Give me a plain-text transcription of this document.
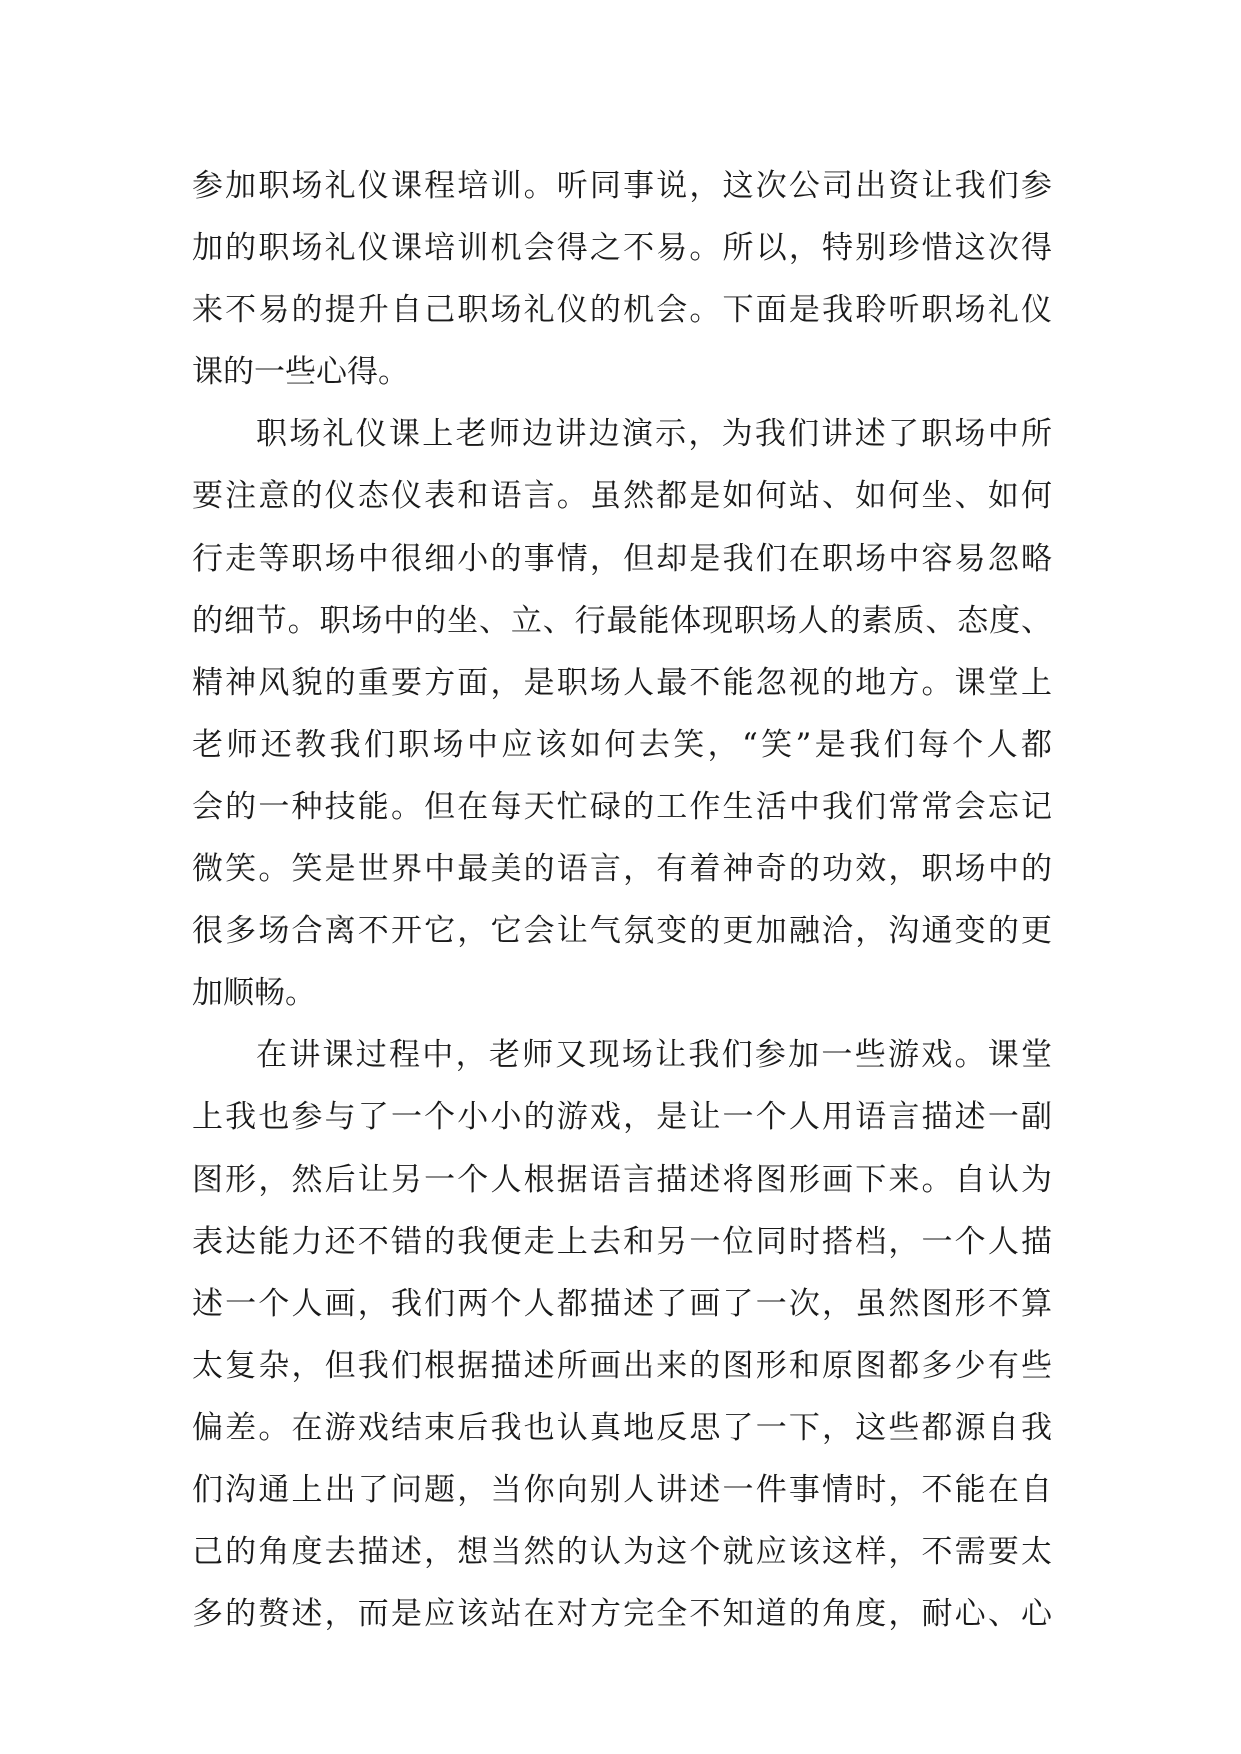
参加职场礼仪课程培训。听同事说，这次公司出资让我们参
加的职场礼仪课培训机会得之不易。所以，特别珍惜这次得
来不易的提升自己职场礼仪的机会。下面是我聆听职场礼仪
课的一些心得。
职场礼仪课上老师边讲边演示，为我们讲述了职场中所
要注意的仪态仪表和语言。虽然都是如何站、如何坐、如何
行走等职场中很细小的事情，但却是我们在职场中容易忽略
的细节。职场中的坐、立、行最能体现职场人的素质、态度、
精神风貌的重要方面，是职场人最不能忽视的地方。课堂上
老师还教我们职场中应该如何去笑，“笑”是我们每个人都
会的一种技能。但在每天忙碌的工作生活中我们常常会忘记
微笑。笑是世界中最美的语言，有着神奇的功效，职场中的
很多场合离不开它，它会让气氛变的更加融洽，沟通变的更
加顺畅。
在讲课过程中，老师又现场让我们参加一些游戏。课堂
上我也参与了一个小小的游戏，是让一个人用语言描述一副
图形，然后让另一个人根据语言描述将图形画下来。自认为
表达能力还不错的我便走上去和另一位同时搭档，一个人描
述一个人画，我们两个人都描述了画了一次，虽然图形不算
太复杂，但我们根据描述所画出来的图形和原图都多少有些
偏差。在游戏结束后我也认真地反思了一下，这些都源自我
们沟通上出了问题，当你向别人讲述一件事情时，不能在自
己的角度去描述，想当然的认为这个就应该这样，不需要太
多的赘述，而是应该站在对方完全不知道的角度，耐心、心
